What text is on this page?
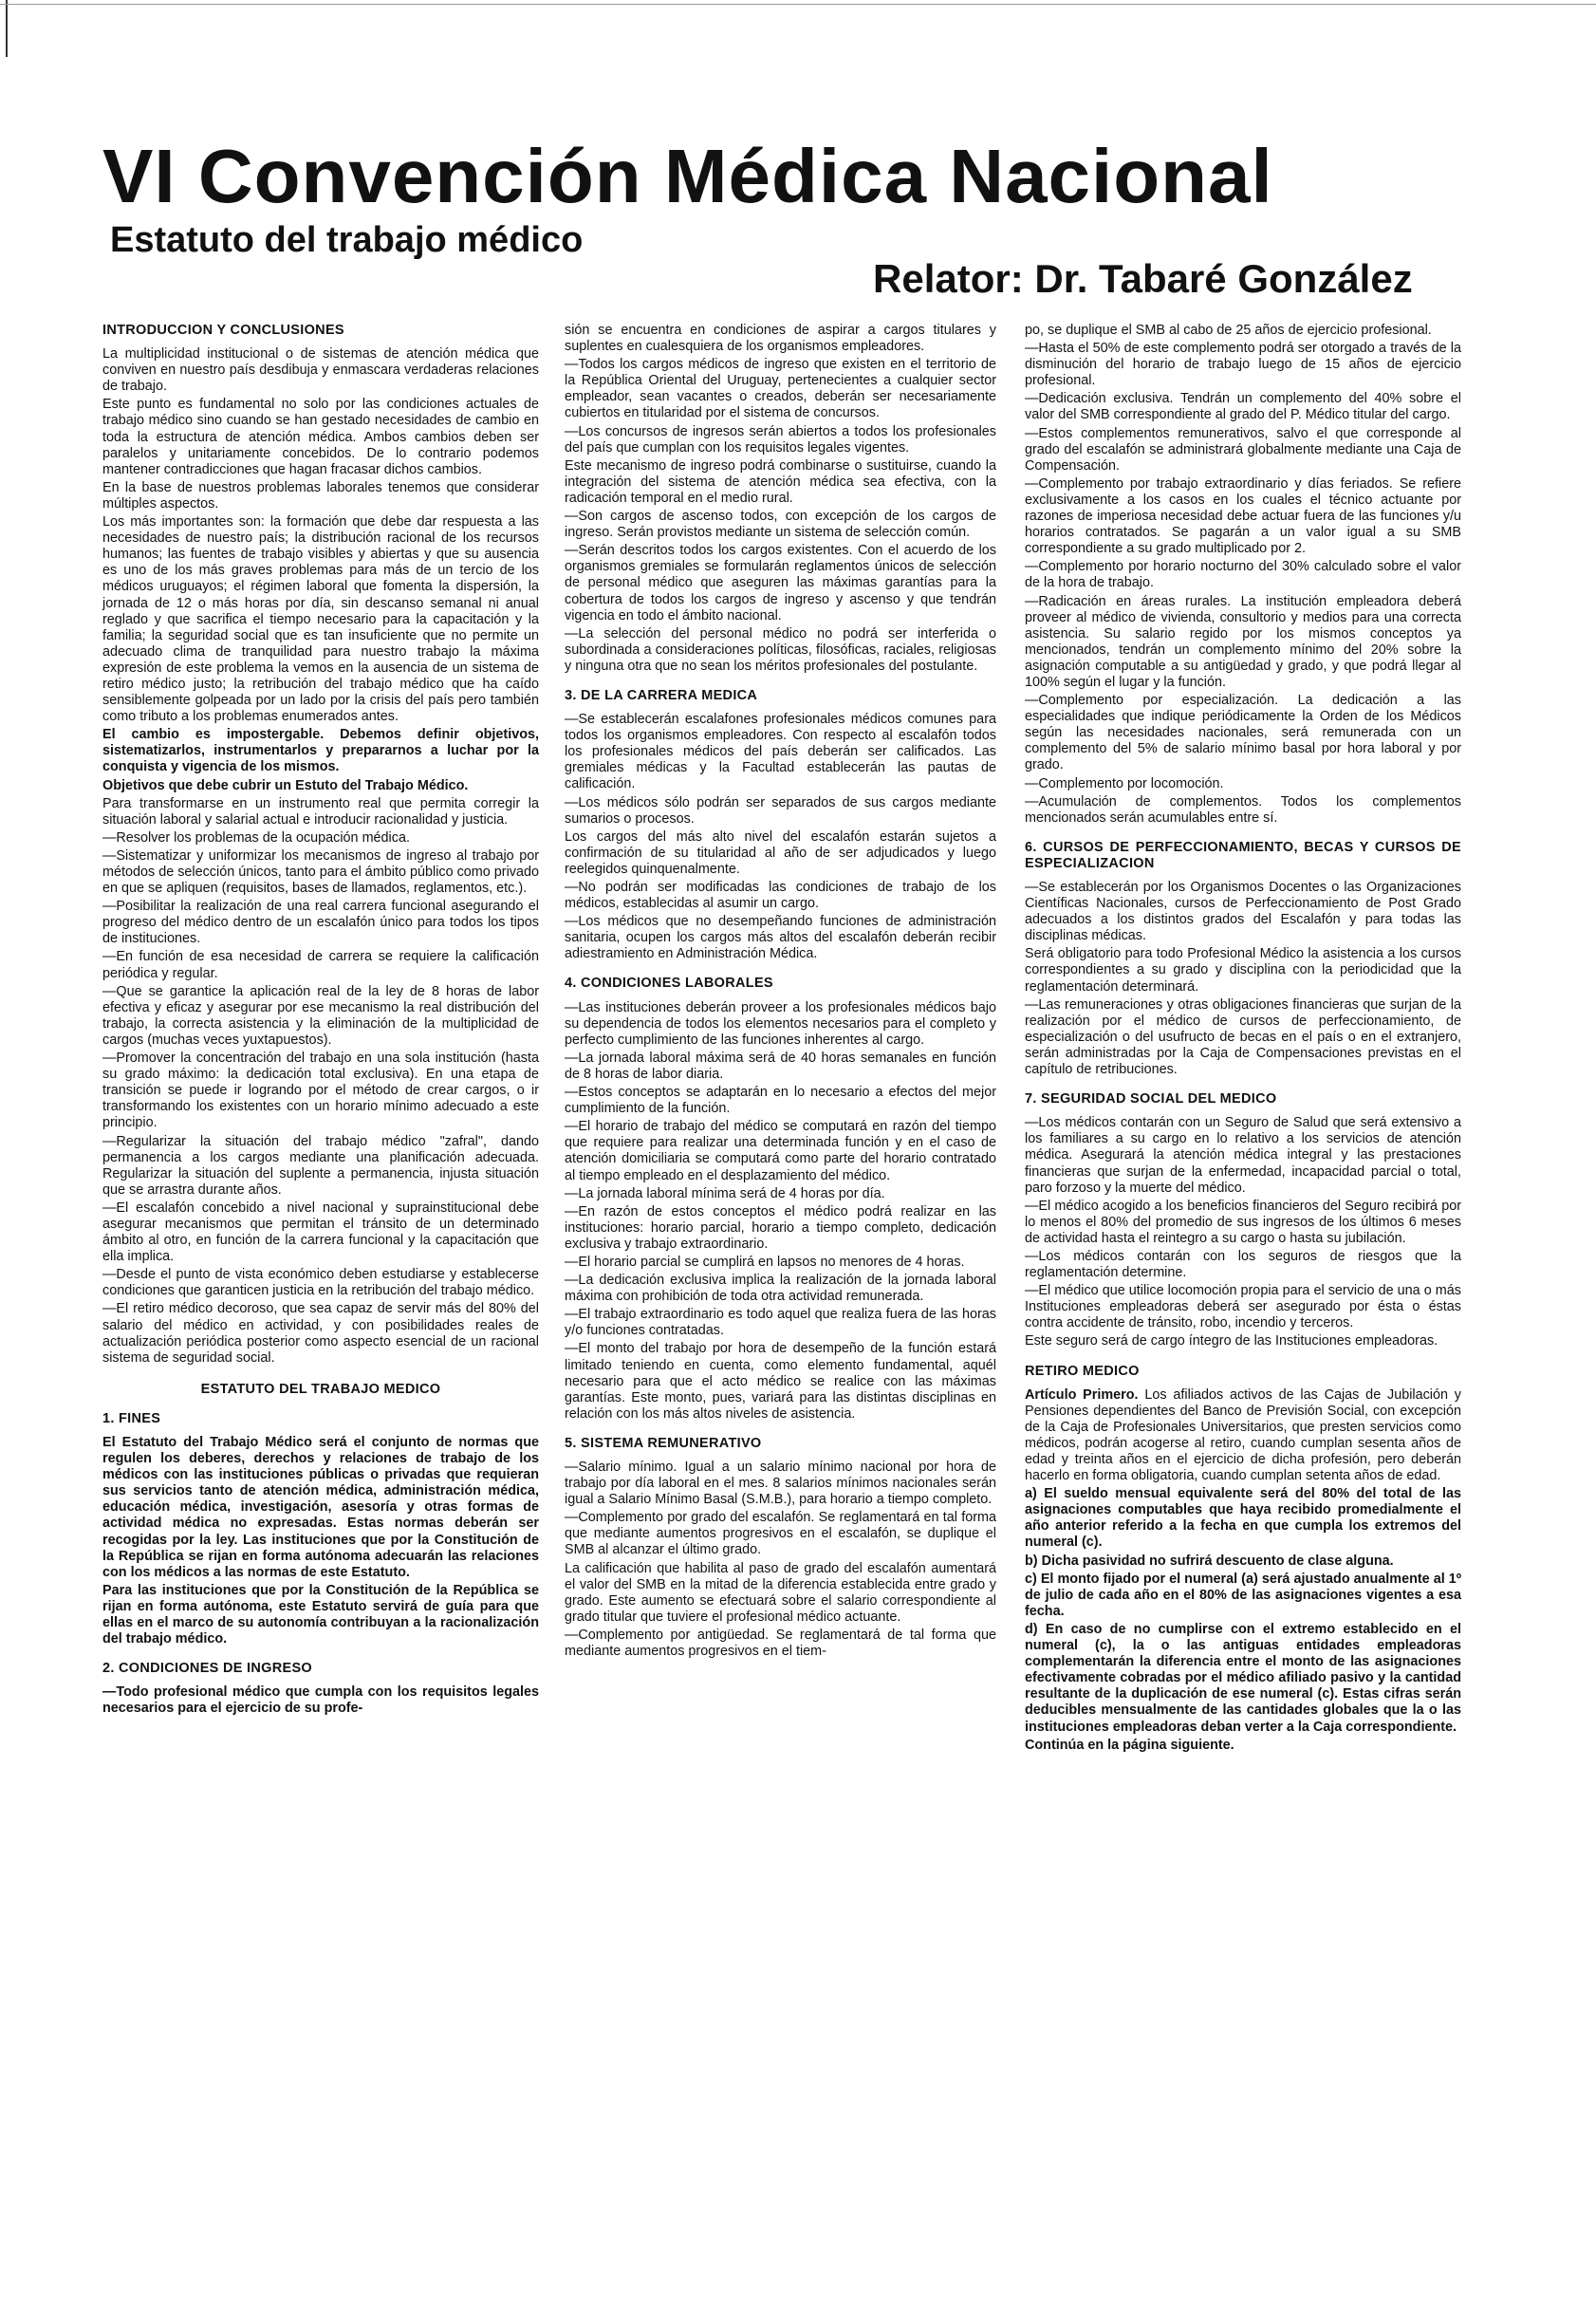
VI Convención Médica Nacional
Estatuto del trabajo médico
Relator: Dr. Tabaré González
INTRODUCCION Y CONCLUSIONES

La multiplicidad institucional o de sistemas de atención médica que conviven en nuestro país desdibuja y enmascara verdaderas relaciones de trabajo.

Este punto es fundamental no solo por las condiciones actuales de trabajo médico sino cuando se han gestado necesidades de cambio en toda la estructura de atención médica. Ambos cambios deben ser paralelos y unitariamente concebidos. De lo contrario podemos mantener contradicciones que hagan fracasar dichos cambios.

En la base de nuestros problemas laborales tenemos que considerar múltiples aspectos.

Los más importantes son: la formación que debe dar respuesta a las necesidades de nuestro país; la distribución racional de los recursos humanos; las fuentes de trabajo visibles y abiertas y que su ausencia es uno de los más graves problemas para más de un tercio de los médicos uruguayos; el régimen laboral que fomenta la dispersión, la jornada de 12 o más horas por día, sin descanso semanal ni anual reglado y que sacrifica el tiempo necesario para la capacitación y la familia; la seguridad social que es tan insuficiente que no permite un adecuado clima de tranquilidad para nuestro trabajo la máxima expresión de este problema la vemos en la ausencia de un sistema de retiro médico justo; la retribución del trabajo médico que ha caído sensiblemente golpeada por un lado por la crisis del país pero también como tributo a los problemas enumerados antes.

El cambio es impostergable. Debemos definir objetivos, sistematizarlos, instrumentarlos y prepararnos a luchar por la conquista y vigencia de los mismos.

Objetivos que debe cubrir un Estuto del Trabajo Médico.

Para transformarse en un instrumento real que permita corregir la situación laboral y salarial actual e introducir racionalidad y justicia.

—Resolver los problemas de la ocupación médica.

—Sistematizar y uniformizar los mecanismos de ingreso al trabajo por métodos de selección únicos, tanto para el ámbito público como privado en que se apliquen (requisitos, bases de llamados, reglamentos, etc.).

—Posibilitar la realización de una real carrera funcional asegurando el progreso del médico dentro de un escalafón único para todos los tipos de instituciones.

—En función de esa necesidad de carrera se requiere la calificación periódica y regular.

—Que se garantice la aplicación real de la ley de 8 horas de labor efectiva y eficaz y asegurar por ese mecanismo la real distribución del trabajo, la correcta asistencia y la eliminación de la multiplicidad de cargos (muchas veces yuxtapuestos).

—Promover la concentración del trabajo en una sola institución (hasta su grado máximo: la dedicación total exclusiva). En una etapa de transición se puede ir logrando por el método de crear cargos, o ir transformando los existentes con un horario mínimo adecuado a este principio.

—Regularizar la situación del trabajo médico "zafral", dando permanencia a los cargos mediante una planificación adecuada. Regularizar la situación del suplente a permanencia, injusta situación que se arrastra durante años.

—El escalafón concebido a nivel nacional y suprainstitucional debe asegurar mecanismos que permitan el tránsito de un determinado ámbito al otro, en función de la carrera funcional y la capacitación que ella implica.

—Desde el punto de vista económico deben estudiarse y establecerse condiciones que garanticen justicia en la retribución del trabajo médico.

—El retiro médico decoroso, que sea capaz de servir más del 80% del salario del médico en actividad, y con posibilidades reales de actualización periódica posterior como aspecto esencial de un racional sistema de seguridad social.

ESTATUTO DEL TRABAJO MEDICO
1. FINES

El Estatuto del Trabajo Médico será el conjunto de normas que regulen los deberes, derechos y relaciones de trabajo de los médicos con las instituciones públicas o privadas que requieran sus servicios tanto de atención médica, administración médica, educación médica, investigación, asesoría y otras formas de actividad médica no expresadas. Estas normas deberán ser recogidas por la ley. Las instituciones que por la Constitución de la República se rijan en forma autónoma adecuarán las relaciones con los médicos a las normas de este Estatuto.

Para las instituciones que por la Constitución de la República se rijan en forma autónoma, este Estatuto servirá de guía para que ellas en el marco de su autonomía contribuyan a la racionalización del trabajo médico.

2. CONDICIONES DE INGRESO

—Todo profesional médico que cumpla con los requisitos legales necesarios para el ejercicio de su profe-

sión se encuentra en condiciones de aspirar a cargos titulares y suplentes en cualesquiera de los organismos empleadores.

—Todos los cargos médicos de ingreso que existen en el territorio de la República Oriental del Uruguay, pertenecientes a cualquier sector empleador, sean vacantes o creados, deberán ser necesariamente cubiertos en titularidad por el sistema de concursos.

—Los concursos de ingresos serán abiertos a todos los profesionales del país que cumplan con los requisitos legales vigentes.

Este mecanismo de ingreso podrá combinarse o sustituirse, cuando la integración del sistema de atención médica sea efectiva, con la radicación temporal en el medio rural.

—Son cargos de ascenso todos, con excepción de los cargos de ingreso. Serán provistos mediante un sistema de selección común.

—Serán descritos todos los cargos existentes. Con el acuerdo de los organismos gremiales se formularán reglamentos únicos de selección de personal médico que aseguren las máximas garantías para la cobertura de todos los cargos de ingreso y ascenso y que tendrán vigencia en todo el ámbito nacional.

—La selección del personal médico no podrá ser interferida o subordinada a consideraciones políticas, filosóficas, raciales, religiosas y ninguna otra que no sean los méritos profesionales del postulante.

3. DE LA CARRERA MEDICA

—Se establecerán escalafones profesionales médicos comunes para todos los organismos empleadores. Con respecto al escalafón todos los profesionales médicos del país deberán ser calificados. Las gremiales médicas y la Facultad establecerán las pautas de calificación.

—Los médicos sólo podrán ser separados de sus cargos mediante sumarios o procesos.

Los cargos del más alto nivel del escalafón estarán sujetos a confirmación de su titularidad al año de ser adjudicados y luego reelegidos quinquenalmente.

—No podrán ser modificadas las condiciones de trabajo de los médicos, establecidas al asumir un cargo.

—Los médicos que no desempeñando funciones de administración sanitaria, ocupen los cargos más altos del escalafón deberán recibir adiestramiento en Administración Médica.

4. CONDICIONES LABORALES

—Las instituciones deberán proveer a los profesionales médicos bajo su dependencia de todos los elementos necesarios para el completo y perfecto cumplimiento de las funciones inherentes al cargo.

—La jornada laboral máxima será de 40 horas semanales en función de 8 horas de labor diaria.

—Estos conceptos se adaptarán en lo necesario a efectos del mejor cumplimiento de la función.

—El horario de trabajo del médico se computará en razón del tiempo que requiere para realizar una determinada función y en el caso de atención domiciliaria se computará como parte del horario contratado al tiempo empleado en el desplazamiento del médico.

—La jornada laboral mínima será de 4 horas por día.

—En razón de estos conceptos el médico podrá realizar en las instituciones: horario parcial, horario a tiempo completo, dedicación exclusiva y trabajo extraordinario.

—El horario parcial se cumplirá en lapsos no menores de 4 horas.

—La dedicación exclusiva implica la realización de la jornada laboral máxima con prohibición de toda otra actividad remunerada.

—El trabajo extraordinario es todo aquel que realiza fuera de las horas y/o funciones contratadas.

—El monto del trabajo por hora de desempeño de la función estará limitado teniendo en cuenta, como elemento fundamental, aquél necesario para que el acto médico se realice con las máximas garantías. Este monto, pues, variará para las distintas disciplinas en relación con los más altos niveles de asistencia.

5. SISTEMA REMUNERATIVO

—Salario mínimo. Igual a un salario mínimo nacional por hora de trabajo por día laboral en el mes. 8 salarios mínimos nacionales serán igual a Salario Mínimo Basal (S.M.B.), para horario a tiempo completo.

—Complemento por grado del escalafón. Se reglamentará en tal forma que mediante aumentos progresivos en el escalafón, se duplique el SMB al alcanzar el último grado.

La calificación que habilita al paso de grado del escalafón aumentará el valor del SMB en la mitad de la diferencia establecida entre grado y grado. Este aumento se efectuará sobre el salario correspondiente al grado titular que tuviere el profesional médico actuante.

—Complemento por antigüedad. Se reglamentará de tal forma que mediante aumentos progresivos en el tiem-

po, se duplique el SMB al cabo de 25 años de ejercicio profesional.

—Hasta el 50% de este complemento podrá ser otorgado a través de la disminución del horario de trabajo luego de 15 años de ejercicio profesional.

—Dedicación exclusiva. Tendrán un complemento del 40% sobre el valor del SMB correspondiente al grado del P. Médico titular del cargo.

—Estos complementos remunerativos, salvo el que corresponde al grado del escalafón se administrará globalmente mediante una Caja de Compensación.

—Complemento por trabajo extraordinario y días feriados. Se refiere exclusivamente a los casos en los cuales el técnico actuante por razones de imperiosa necesidad debe actuar fuera de las funciones y/u horarios contratados. Se pagarán a un valor igual a su SMB correspondiente a su grado multiplicado por 2.

—Complemento por horario nocturno del 30% calculado sobre el valor de la hora de trabajo.

—Radicación en áreas rurales. La institución empleadora deberá proveer al médico de vivienda, consultorio y medios para una correcta asistencia. Su salario regido por los mismos conceptos ya mencionados, tendrán un complemento mínimo del 20% sobre la asignación computable a su antigüedad y grado, y que podrá llegar al 100% según el lugar y la función.

—Complemento por especialización. La dedicación a las especialidades que indique periódicamente la Orden de los Médicos según las necesidades nacionales, será remunerada con un complemento del 5% de salario mínimo basal por hora laboral y por grado.

—Complemento por locomoción.

—Acumulación de complementos. Todos los complementos mencionados serán acumulables entre sí.

6. CURSOS DE PERFECCIONAMIENTO, BECAS Y CURSOS DE ESPECIALIZACION

—Se establecerán por los Organismos Docentes o las Organizaciones Científicas Nacionales, cursos de Perfeccionamiento de Post Grado adecuados a los distintos grados del Escalafón y para todas las disciplinas médicas.

Será obligatorio para todo Profesional Médico la asistencia a los cursos correspondientes a su grado y disciplina con la periodicidad que la reglamentación determinará.

—Las remuneraciones y otras obligaciones financieras que surjan de la realización por el médico de cursos de perfeccionamiento, de especialización o del usufructo de becas en el país o en el extranjero, serán administradas por la Caja de Compensaciones previstas en el capítulo de retribuciones.

7. SEGURIDAD SOCIAL DEL MEDICO

—Los médicos contarán con un Seguro de Salud que será extensivo a los familiares a su cargo en lo relativo a los servicios de atención médica. Asegurará la atención médica integral y las prestaciones financieras que surjan de la enfermedad, incapacidad parcial o total, paro forzoso y la muerte del médico.

—El médico acogido a los beneficios financieros del Seguro recibirá por lo menos el 80% del promedio de sus ingresos de los últimos 6 meses de actividad hasta el reintegro a su cargo o hasta su jubilación.

—Los médicos contarán con los seguros de riesgos que la reglamentación determine.

—El médico que utilice locomoción propia para el servicio de una o más Instituciones empleadoras deberá ser asegurado por ésta o éstas contra accidente de tránsito, robo, incendio y terceros.

Este seguro será de cargo íntegro de las Instituciones empleadoras.

RETIRO MEDICO

Artículo Primero. Los afiliados activos de las Cajas de Jubilación y Pensiones dependientes del Banco de Previsión Social, con excepción de la Caja de Profesionales Universitarios, que presten servicios como médicos, podrán acogerse al retiro, cuando cumplan sesenta años de edad y treinta años en el ejercicio de dicha profesión, pero deberán hacerlo en forma obligatoria, cuando cumplan setenta años de edad.

a) El sueldo mensual equivalente será del 80% del total de las asignaciones computables que haya recibido promedialmente el año anterior referido a la fecha en que cumpla los extremos del numeral (c).

b) Dicha pasividad no sufrirá descuento de clase alguna.

c) El monto fijado por el numeral (a) será ajustado anualmente al 1º de julio de cada año en el 80% de las asignaciones vigentes a esa fecha.

d) En caso de no cumplirse con el extremo establecido en el numeral (c), la o las antiguas entidades empleadoras complementarán la diferencia entre el monto de las asignaciones efectivamente cobradas por el médico afiliado pasivo y la cantidad resultante de la duplicación de ese numeral (c). Estas cifras serán deducibles mensualmente de las cantidades globales que la o las instituciones empleadoras deban verter a la Caja correspondiente.

Continúa en la página siguiente.
